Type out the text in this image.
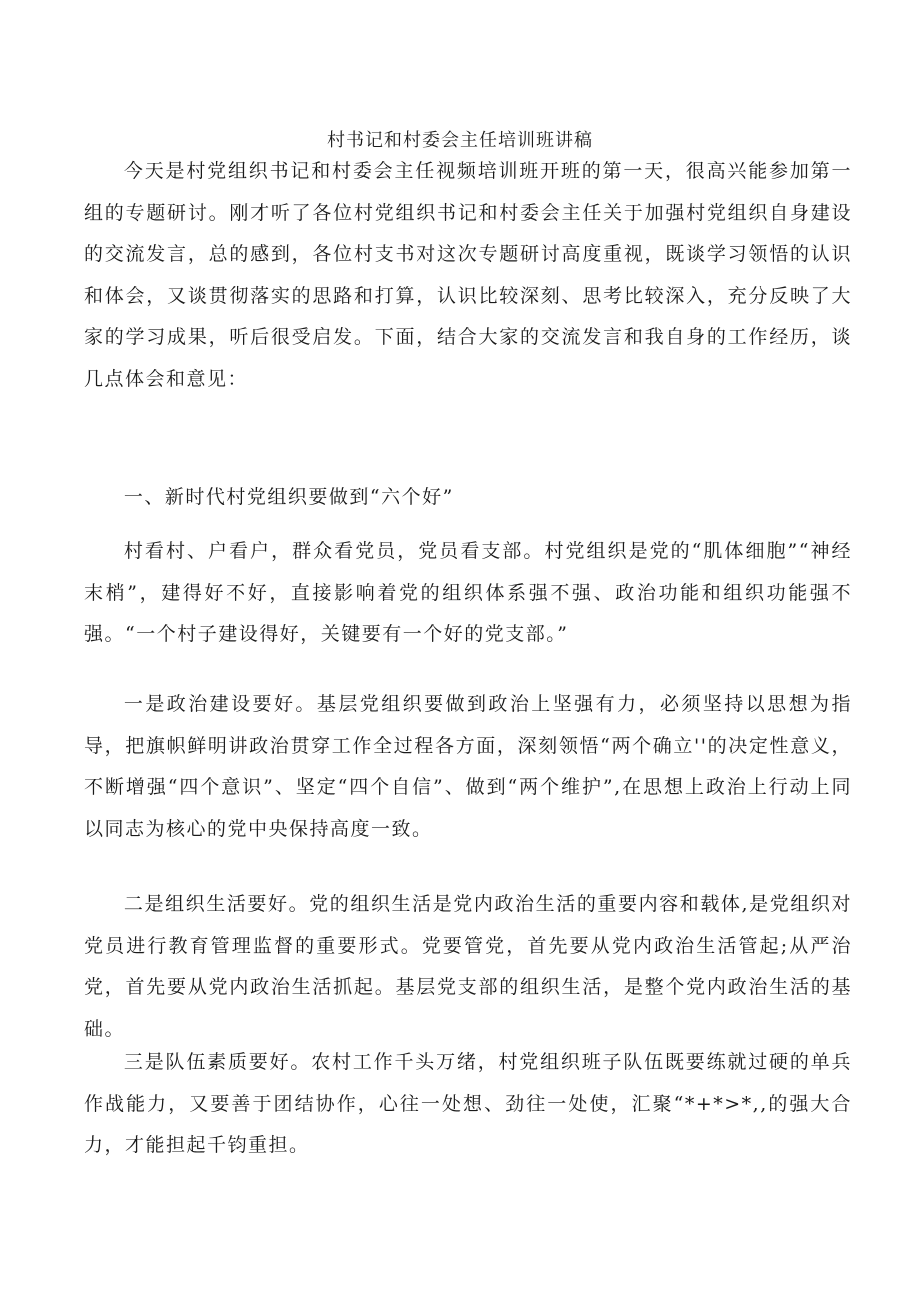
村书记和村委会主任培训班讲稿

今天是村党组织书记和村委会主任视频培训班开班的第一天，很高兴能参加第一组的专题研讨。刚才听了各位村党组织书记和村委会主任关于加强村党组织自身建设的交流发言，总的感到，各位村支书对这次专题研讨高度重视，既谈学习领悟的认识和体会，又谈贯彻落实的思路和打算，认识比较深刻、思考比较深入，充分反映了大家的学习成果，听后很受启发。下面，结合大家的交流发言和我自身的工作经历，谈几点体会和意见：

一、新时代村党组织要做到“六个好”

村看村、户看户，群众看党员，党员看支部。村党组织是党的“肌体细胞”“神经末梢”，建得好不好，直接影响着党的组织体系强不强、政治功能和组织功能强不强。“一个村子建设得好，关键要有一个好的党支部。”

一是政治建设要好。基层党组织要做到政治上坚强有力，必须坚持以思想为指导，把旗帜鲜明讲政治贯穿工作全过程各方面，深刻领悟“两个确立''的决定性意义，不断增强“四个意识”、坚定“四个自信”、做到“两个维护”,在思想上政治上行动上同以同志为核心的党中央保持高度一致。

二是组织生活要好。党的组织生活是党内政治生活的重要内容和载体,是党组织对党员进行教育管理监督的重要形式。党要管党，首先要从党内政治生活管起;从严治党，首先要从党内政治生活抓起。基层党支部的组织生活，是整个党内政治生活的基础。

三是队伍素质要好。农村工作千头万绪，村党组织班子队伍既要练就过硬的单兵作战能力，又要善于团结协作，心往一处想、劲往一处使，汇聚“*+*>*,,的强大合力，才能担起千钧重担。
